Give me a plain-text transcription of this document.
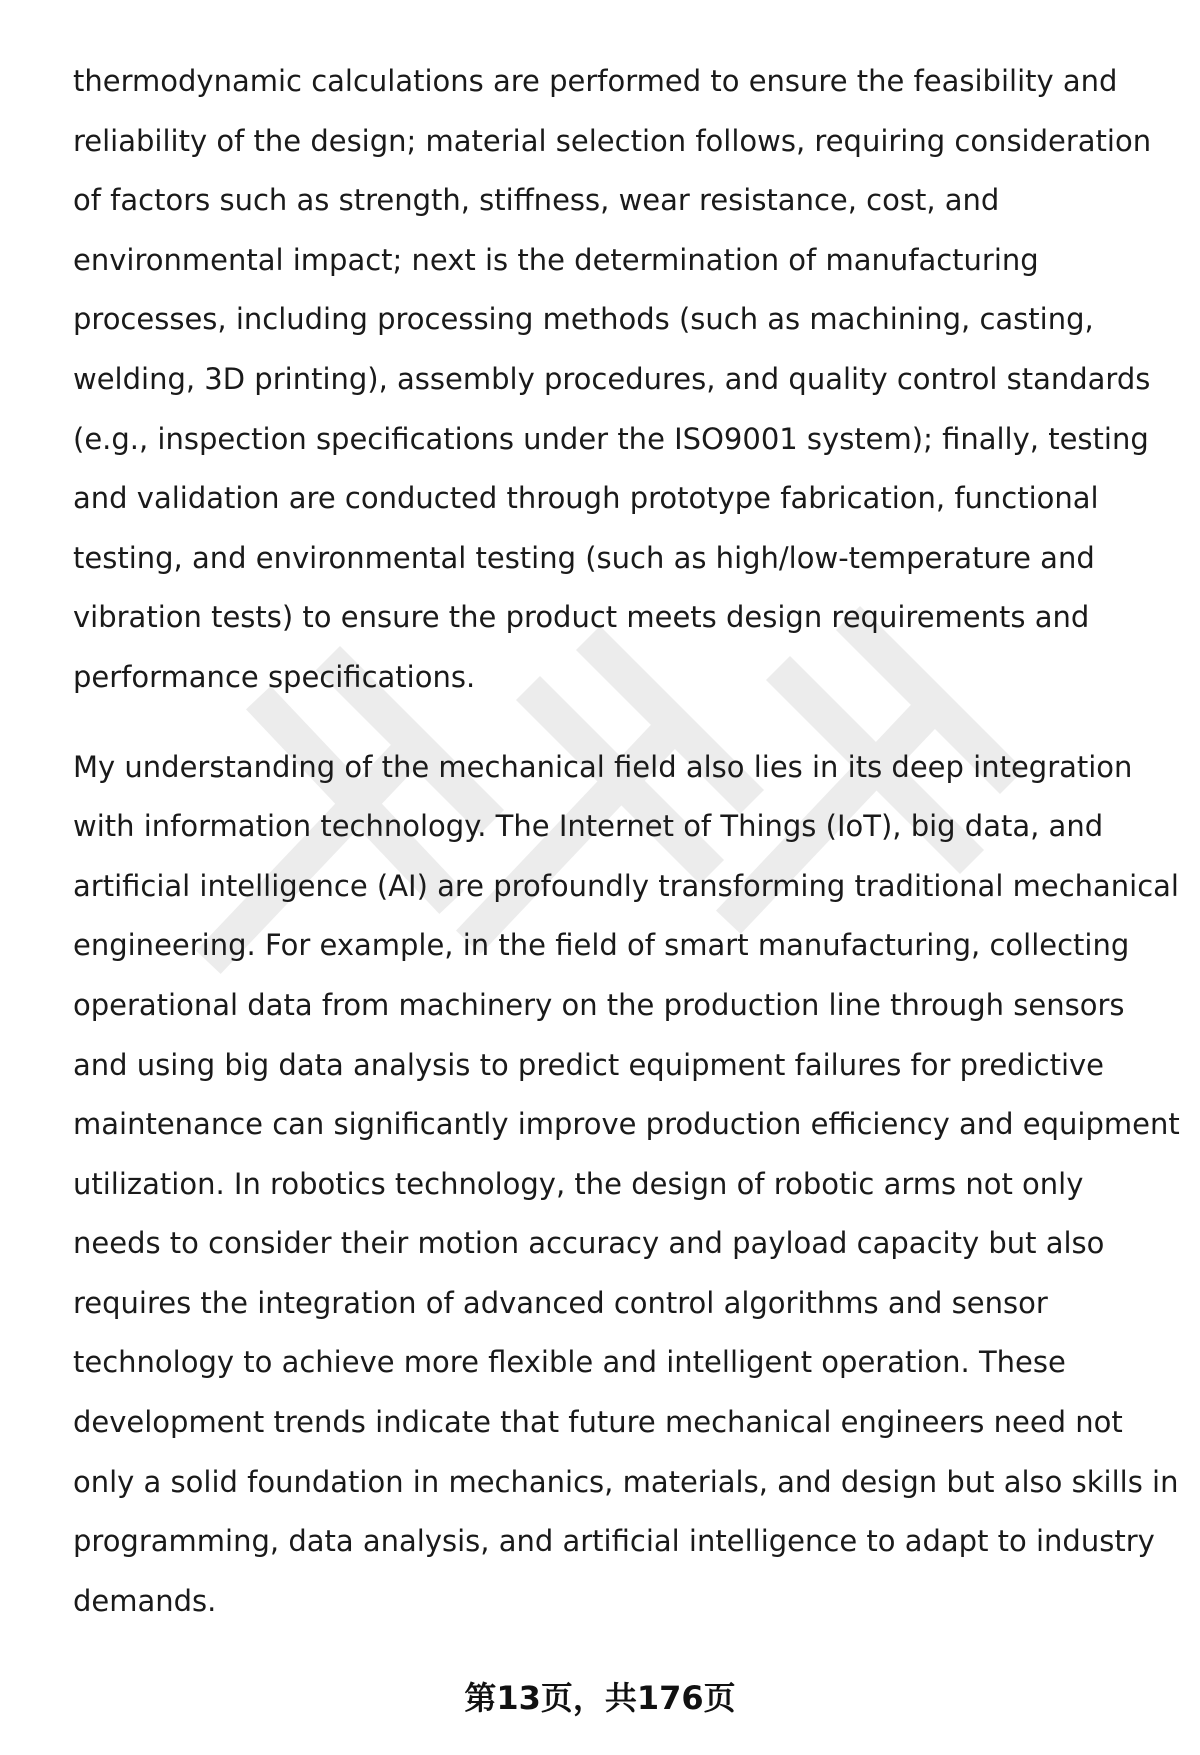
thermodynamic calculations are performed to ensure the feasibility and
reliability of the design; material selection follows, requiring consideration
of factors such as strength, stiffness, wear resistance, cost, and
environmental impact; next is the determination of manufacturing
processes, including processing methods (such as machining, casting,
welding, 3D printing), assembly procedures, and quality control standards
(e.g., inspection specifications under the ISO9001 system); finally, testing
and validation are conducted through prototype fabrication, functional
testing, and environmental testing (such as high/low-temperature and
vibration tests) to ensure the product meets design requirements and
performance specifications.

My understanding of the mechanical field also lies in its deep integration
with information technology. The Internet of Things (IoT), big data, and
artificial intelligence (AI) are profoundly transforming traditional mechanical
engineering. For example, in the field of smart manufacturing, collecting
operational data from machinery on the production line through sensors
and using big data analysis to predict equipment failures for predictive
maintenance can significantly improve production efficiency and equipment
utilization. In robotics technology, the design of robotic arms not only
needs to consider their motion accuracy and payload capacity but also
requires the integration of advanced control algorithms and sensor
technology to achieve more flexible and intelligent operation. These
development trends indicate that future mechanical engineers need not
only a solid foundation in mechanics, materials, and design but also skills in
programming, data analysis, and artificial intelligence to adapt to industry
demands.

第13页，共176页
